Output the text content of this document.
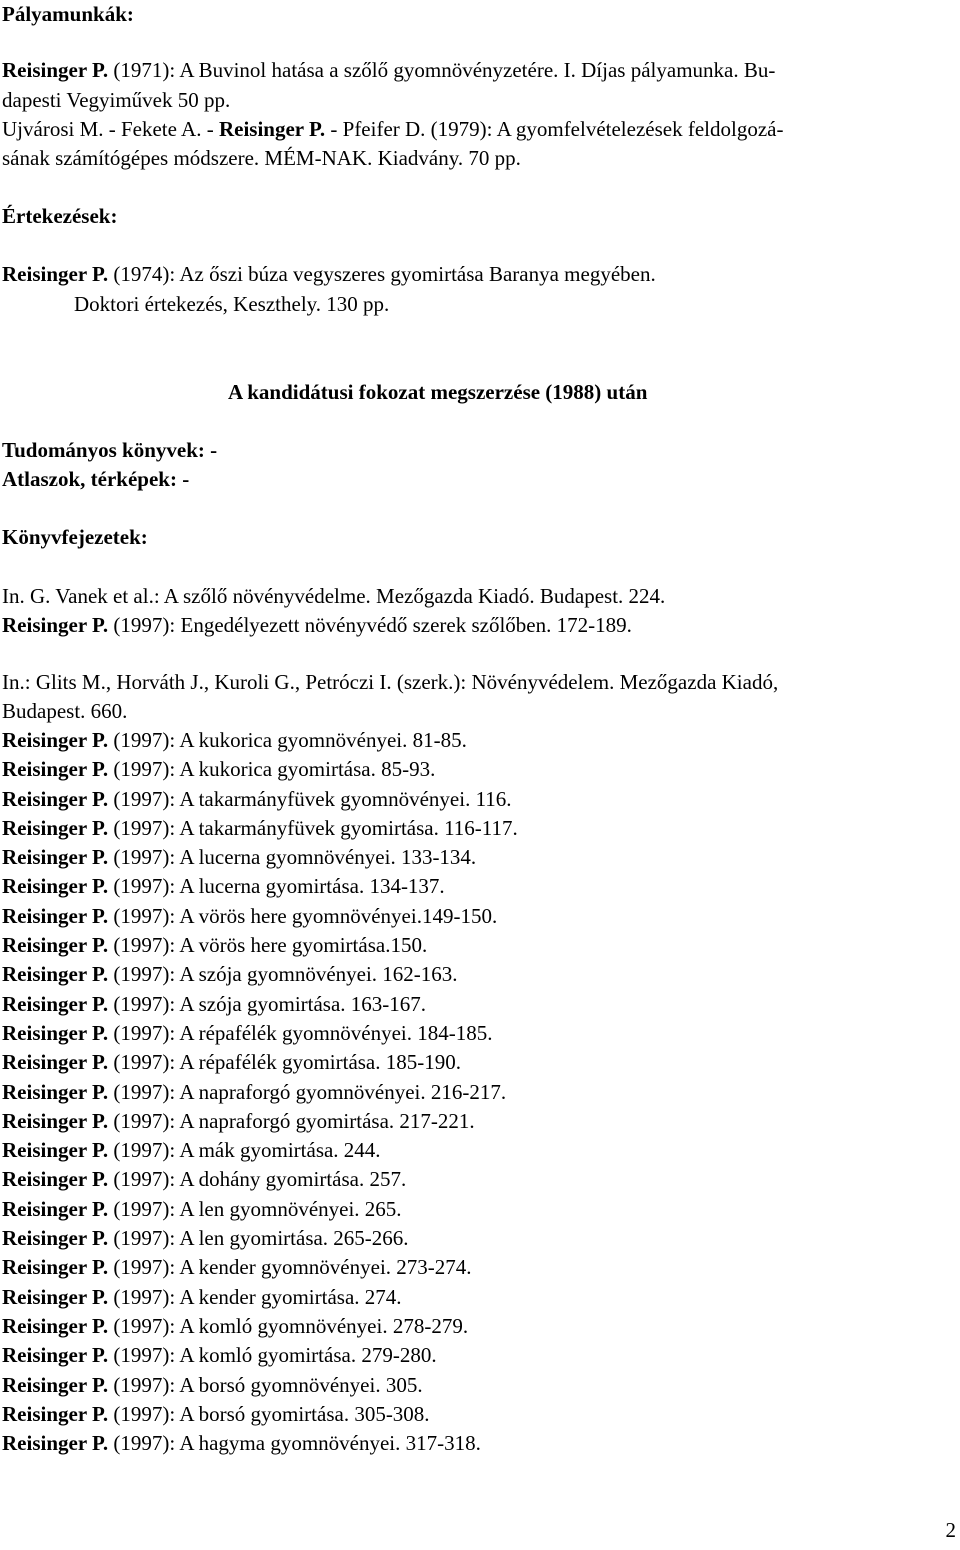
Pályamunkák:
Reisinger P. (1971): A Buvinol hatása a szőlő gyomnövényzetére. I. Díjas pályamunka. Bu-
dapesti Vegyiművek 50 pp.
Ujvárosi M. - Fekete A. - Reisinger P. - Pfeifer D. (1979): A gyomfelvételezések feldolgozá-
sának számítógépes módszere. MÉM-NAK. Kiadvány. 70 pp.
Értekezések:
Reisinger P. (1974): Az őszi búza vegyszeres gyomirtása Baranya megyében.
Doktori értekezés, Keszthely. 130 pp.
A kandidátusi fokozat megszerzése (1988) után
Tudományos könyvek: -
Atlaszok, térképek: -
Könyvfejezetek:
In. G. Vanek et al.: A szőlő növényvédelme. Mezőgazda Kiadó. Budapest. 224.
Reisinger P. (1997): Engedélyezett növényvédő szerek szőlőben. 172-189.
In.: Glits M., Horváth J., Kuroli G., Petróczi I. (szerk.): Növényvédelem. Mezőgazda Kiadó,
Budapest. 660.
Reisinger P. (1997): A kukorica gyomnövényei. 81-85.
Reisinger P. (1997): A kukorica gyomirtása. 85-93.
Reisinger P. (1997): A takarmányfüvek gyomnövényei. 116.
Reisinger P. (1997): A takarmányfüvek gyomirtása. 116-117.
Reisinger P. (1997): A lucerna gyomnövényei. 133-134.
Reisinger P. (1997): A lucerna gyomirtása. 134-137.
Reisinger P. (1997): A vörös here gyomnövényei.149-150.
Reisinger P. (1997): A vörös here gyomirtása.150.
Reisinger P. (1997): A szója gyomnövényei. 162-163.
Reisinger P. (1997): A szója gyomirtása. 163-167.
Reisinger P. (1997): A répafélék gyomnövényei. 184-185.
Reisinger P. (1997): A répafélék gyomirtása. 185-190.
Reisinger P. (1997): A napraforgó gyomnövényei. 216-217.
Reisinger P. (1997): A napraforgó gyomirtása. 217-221.
Reisinger P. (1997): A mák gyomirtása. 244.
Reisinger P. (1997): A dohány gyomirtása. 257.
Reisinger P. (1997): A len gyomnövényei. 265.
Reisinger P. (1997): A len gyomirtása. 265-266.
Reisinger P. (1997): A kender gyomnövényei. 273-274.
Reisinger P. (1997): A kender gyomirtása. 274.
Reisinger P. (1997): A komló gyomnövényei. 278-279.
Reisinger P. (1997): A komló gyomirtása. 279-280.
Reisinger P. (1997): A borsó gyomnövényei. 305.
Reisinger P. (1997): A borsó gyomirtása. 305-308.
Reisinger P. (1997): A hagyma gyomnövényei. 317-318.
2
